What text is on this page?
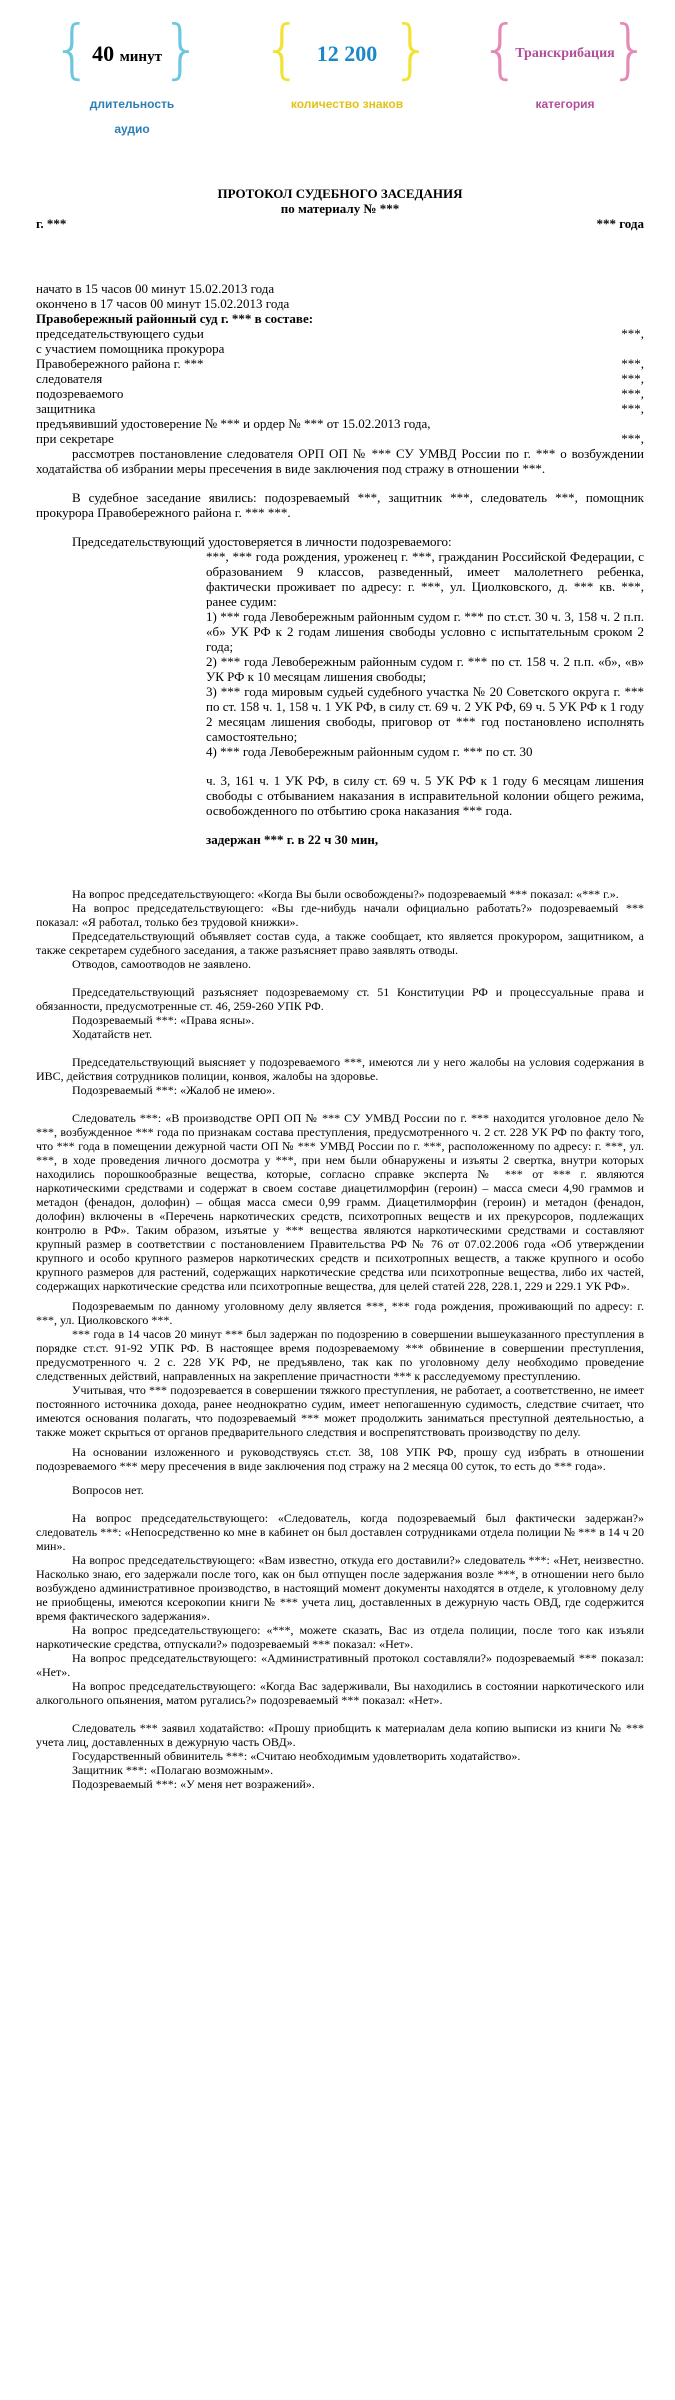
{ 40 минут } { 12 200 } {
Транскрибация
}
длительность
аудио
количество знаков	категория

ПРОТОКОЛ СУДЕБНОГО ЗАСЕДАНИЯ

по материалу № ***

г. ***	*** года

начато в 15 часов 00 минут 15.02.2013 года

окончено в 17 часов 00 минут 15.02.2013 года

Правобережный районный суд г. *** в составе:

председательствующего судьи	***,
с участием помощника прокурора
Правобережного района г. ***	***,
следователя	***,
подозреваемого	***,
защитника	***,
предъявивший удостоверение № *** и ордер № *** от 15.02.2013 года,
при секретаре	***,

рассмотрев постановление следователя ОРП ОП № *** СУ УМВД России по г. *** о возбуждении ходатайства об избрании меры пресечения в виде заключения под стражу в отношении ***.

В судебное заседание явились: подозреваемый ***, защитник ***, следователь ***, помощник прокурора Правобережного района г. *** ***.

Председательствующий удостоверяется в личности подозреваемого:

***, *** года рождения, уроженец г. ***, гражданин Российской Федерации, с образованием 9 классов, разведенный, имеет малолетнего ребенка, фактически проживает по адресу: г. ***, ул. Циолковского, д. *** кв. ***, ранее судим:

1) *** года Левобережным районным судом г. *** по ст.ст. 30 ч. 3, 158 ч. 2 п.п. «б» УК РФ к 2 годам лишения свободы условно с испытательным сроком 2 года;

2) *** года Левобережным районным судом г. *** по ст. 158 ч. 2 п.п. «б», «в» УК РФ к 10 месяцам лишения свободы;

3) *** года мировым судьей судебного участка № 20 Советского округа г. *** по ст. 158 ч. 1, 158 ч. 1 УК РФ, в силу ст. 69 ч. 2 УК РФ, 69 ч. 5 УК РФ к 1 году 2 месяцам лишения свободы, приговор от *** год постановлено исполнять самостоятельно;

4) *** года Левобережным районным судом г. *** по ст. 30

ч. 3, 161 ч. 1 УК РФ, в силу ст. 69 ч. 5 УК РФ к 1 году 6 месяцам лишения свободы с отбыванием наказания в исправительной колонии общего режима, освобожденного по отбытию срока наказания *** года.

задержан *** г. в 22 ч 30 мин,

На вопрос председательствующего: «Когда Вы были освобождены?» подозреваемый *** показал: «*** г.».

На вопрос председательствующего: «Вы где-нибудь начали официально работать?» подозреваемый *** показал: «Я работал, только без трудовой книжки».

Председательствующий объявляет состав суда, а также сообщает, кто является прокурором, защитником, а также секретарем судебного заседания, а также разъясняет право заявлять отводы.

Отводов, самоотводов не заявлено.

Председательствующий разъясняет подозреваемому ст. 51 Конституции РФ и процессуальные права и обязанности, предусмотренные ст. 46, 259-260 УПК РФ.

Подозреваемый ***: «Права ясны».

Ходатайств нет.

Председательствующий выясняет у подозреваемого ***, имеются ли у него жалобы на условия содержания в ИВС, действия сотрудников полиции, конвоя, жалобы на здоровье.

Подозреваемый ***: «Жалоб не имею».

Следователь ***: «В производстве ОРП ОП № *** СУ УМВД России по г. *** находится уголовное дело № ***, возбужденное *** года по признакам состава преступления, предусмотренного ч. 2 ст. 228 УК РФ по факту того, что *** года в помещении дежурной части ОП № *** УМВД России по г. ***, расположенному по адресу: г. ***, ул. ***, в ходе проведения личного досмотра у ***, при нем были обнаружены и изъяты 2 свертка, внутри которых находились порошкообразные вещества, которые, согласно справке эксперта № *** от *** г. являются наркотическими средствами и содержат в своем составе диацетилморфин (героин) – масса смеси 4,90 граммов и метадон (фенадон, долофин) – общая масса смеси 0,99 грамм. Диацетилморфин (героин) и метадон (фенадон, долофин) включены в «Перечень наркотических средств, психотропных веществ и их прекурсоров, подлежащих контролю в РФ». Таким образом, изъятые у *** вещества являются наркотическими средствами и составляют крупный размер в соответствии с постановлением Правительства РФ № 76 от 07.02.2006 года «Об утверждении крупного и особо крупного размеров наркотических средств и психотропных веществ, а также крупного и особо крупного размеров для растений, содержащих наркотические средства или психотропные вещества, либо их частей, содержащих наркотические средства или психотропные вещества, для целей статей 228, 228.1, 229 и 229.1 УК РФ».

Подозреваемым по данному уголовному делу является ***, *** года рождения, проживающий по адресу: г. ***, ул. Циолковского ***.

*** года в 14 часов 20 минут *** был задержан по подозрению в совершении вышеуказанного преступления в порядке ст.ст. 91-92 УПК РФ. В настоящее время подозреваемому *** обвинение в совершении преступления, предусмотренного ч. 2 с. 228 УК РФ, не предъявлено, так как по уголовному делу необходимо проведение следственных действий, направленных на закрепление причастности *** к расследуемому преступлению.

Учитывая, что *** подозревается в совершении тяжкого преступления, не работает, а соответственно, не имеет постоянного источника дохода, ранее неоднократно судим, имеет непогашенную судимость, следствие считает, что имеются основания полагать, что подозреваемый *** может продолжить заниматься преступной деятельностью, а также может скрыться от органов предварительного следствия и воспрепятствовать производству по делу.

На основании изложенного и руководствуясь ст.ст. 38, 108 УПК РФ, прошу суд избрать в отношении подозреваемого *** меру пресечения в виде заключения под стражу на 2 месяца 00 суток, то есть до *** года».

Вопросов нет.

На вопрос председательствующего: «Следователь, когда подозреваемый был фактически задержан?» следователь ***: «Непосредственно ко мне в кабинет он был доставлен сотрудниками отдела полиции № *** в 14 ч 20 мин».

На вопрос председательствующего: «Вам известно, откуда его доставили?» следователь ***: «Нет, неизвестно. Насколько знаю, его задержали после того, как он был отпущен после задержания возле ***, в отношении него было возбуждено административное производство, в настоящий момент документы находятся в отделе, к уголовному делу не приобщены, имеются ксерокопии книги № *** учета лиц, доставленных в дежурную часть ОВД, где содержится время фактического задержания».

На вопрос председательствующего: «***, можете сказать, Вас из отдела полиции, после того как изъяли наркотические средства, отпускали?» подозреваемый *** показал: «Нет».

На вопрос председательствующего: «Административный протокол составляли?» подозреваемый *** показал: «Нет».

На вопрос председательствующего: «Когда Вас задерживали, Вы находились в состоянии наркотического или алкогольного опьянения, матом ругались?» подозреваемый *** показал: «Нет».

Следователь *** заявил ходатайство: «Прошу приобщить к материалам дела копию выписки из книги № *** учета лиц, доставленных в дежурную часть ОВД».

Государственный обвинитель ***: «Считаю необходимым удовлетворить ходатайство».

Защитник ***: «Полагаю возможным».

Подозреваемый ***: «У меня нет возражений».
